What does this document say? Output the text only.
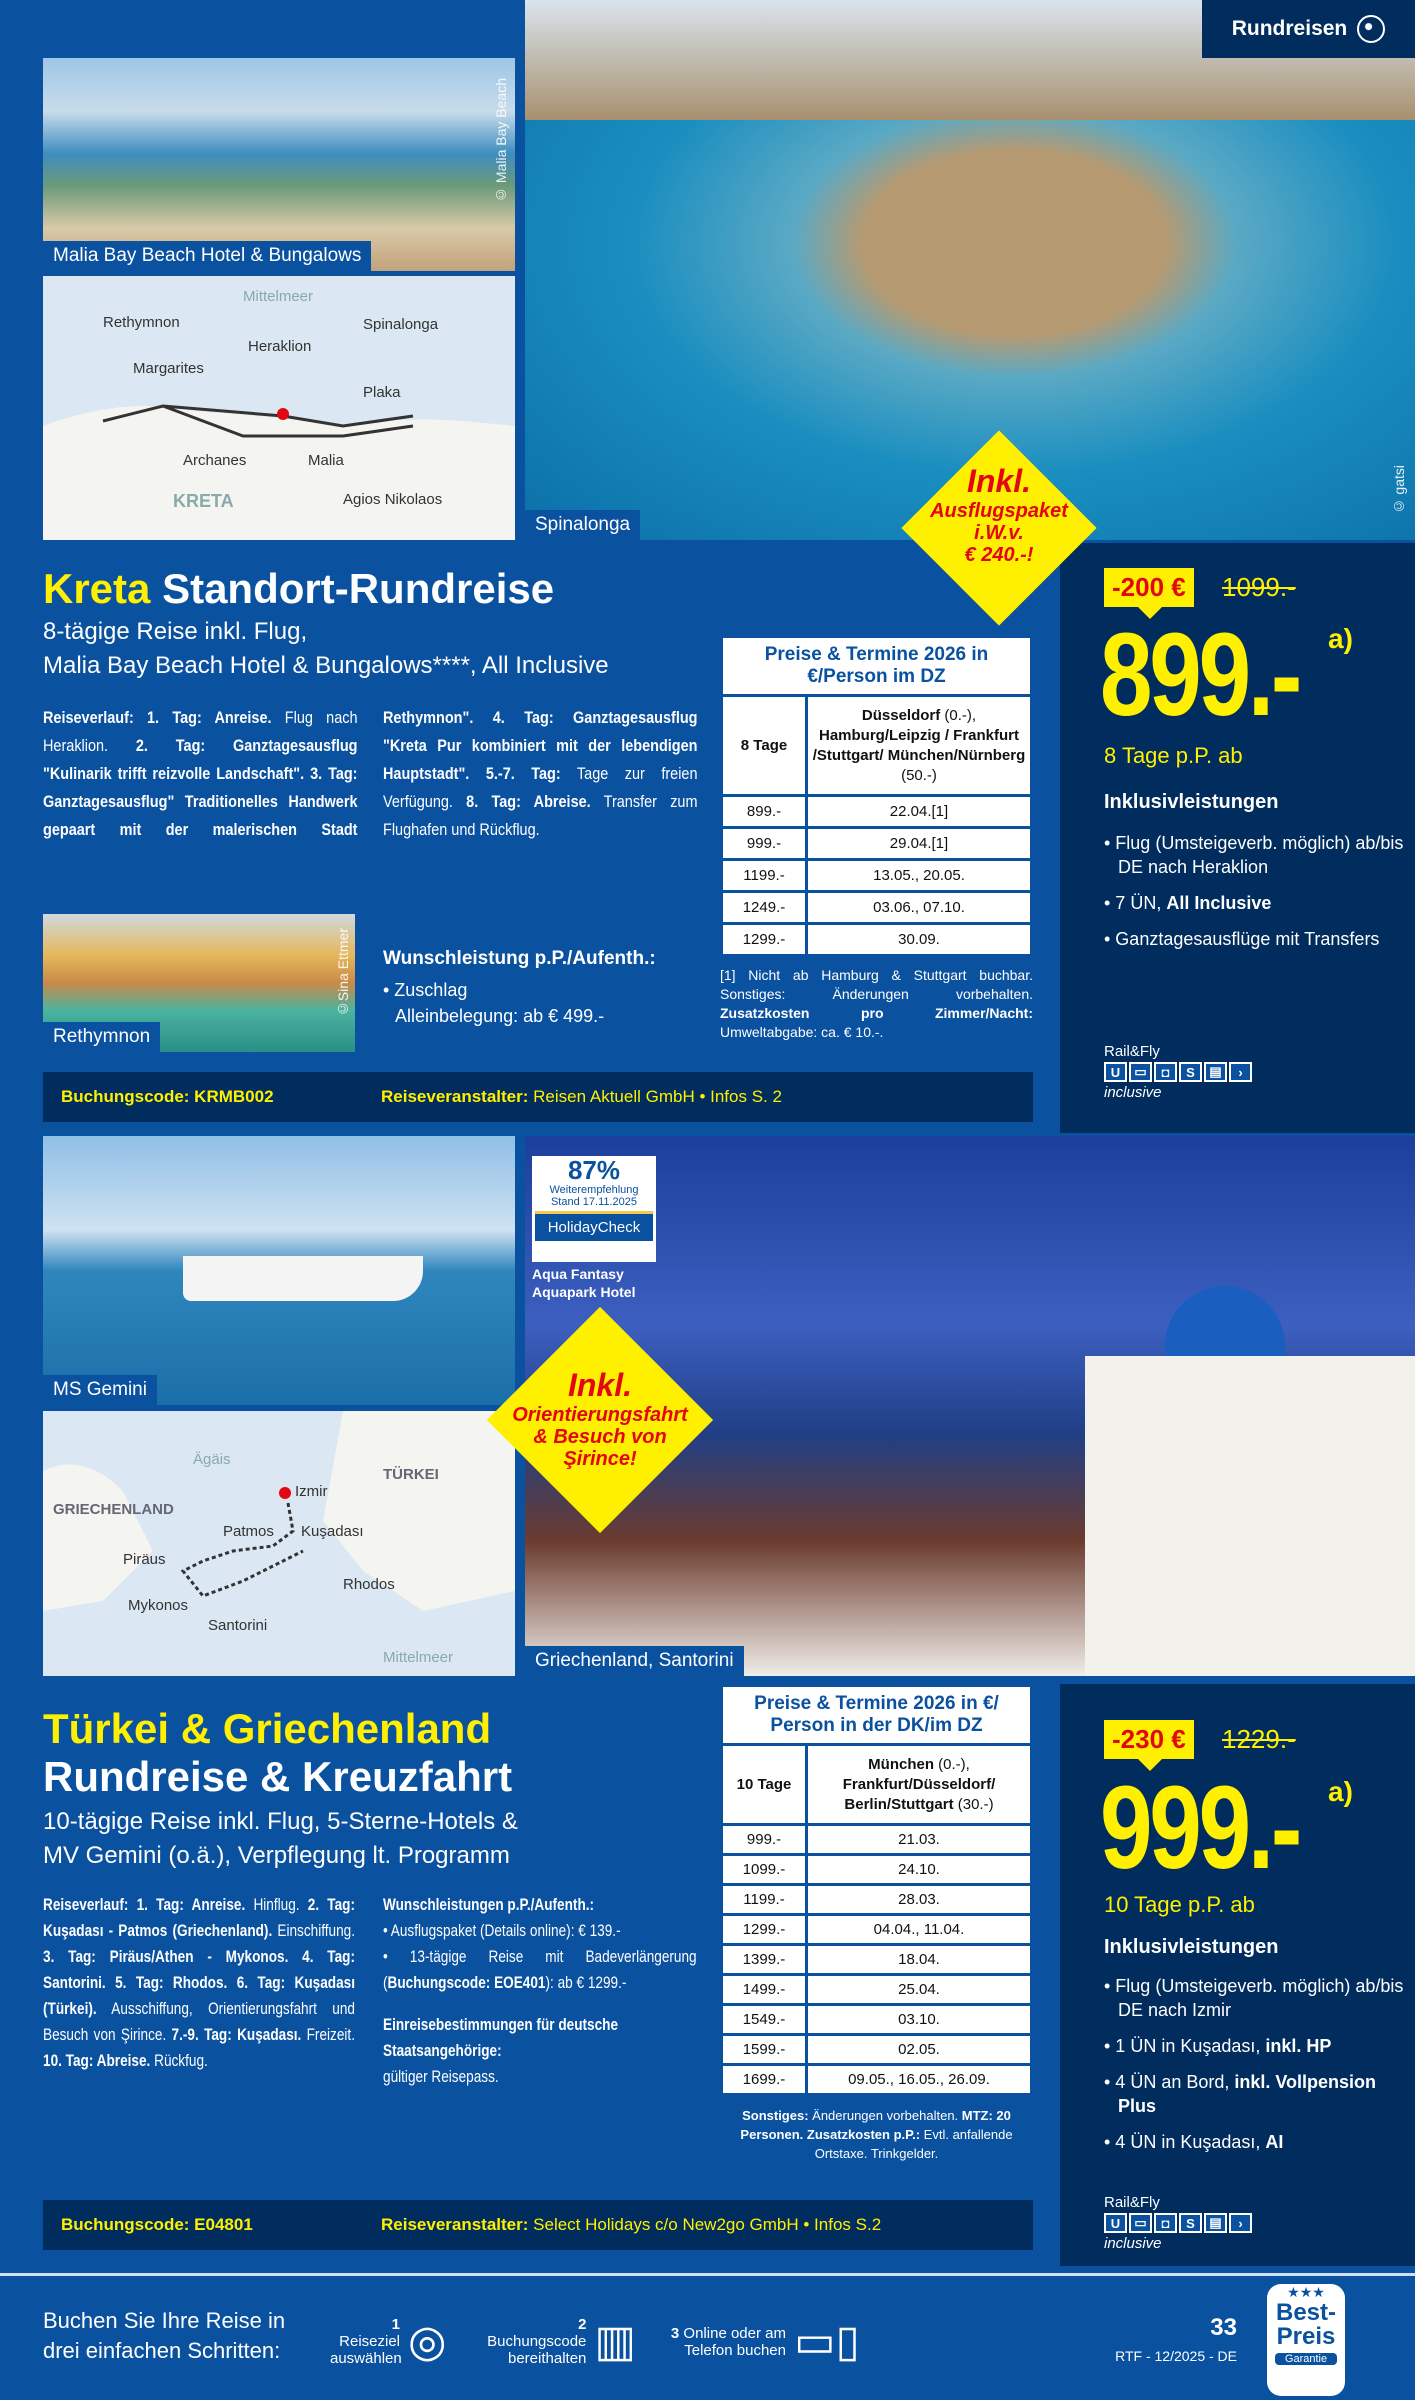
Malia Bay Beach Hotel & Bungalows
© Malia Bay Beach
Mittelmeer
KRETA
Rethymnon
Margarites
Heraklion
Spinalonga
Plaka
Archanes	Malia
Agios Nikolaos
Spinalonga
© gatsi
Rundreisen
Inkl.
Ausflugspaket
i.W.v.
€ 240.-!
Kreta Standort-Rundreise
8-tägige Reise inkl. Flug,
Malia Bay Beach Hotel & Bungalows****, All Inclusive
Reiseverlauf: 1. Tag: Anreise. Flug nach Heraklion. 2. Tag: Ganztagesausflug "Kulinarik trifft reizvolle Landschaft". 3. Tag: Ganztagesausflug" Traditionelles Handwerk gepaart mit der malerischen Stadt Rethymnon". 4. Tag: Ganztagesausflug "Kreta Pur kombiniert mit der lebendigen Hauptstadt". 5.-7. Tag: Tage zur freien Verfügung. 8. Tag: Abreise. Transfer zum Flughafen und Rückflug.
Rethymnon
©Sina Ettmer Wunschleistung p.P./Aufenth.:
• Zuschlag
Alleinbelegung: ab € 499.-
Preise & Termine 2026 in €/Person im DZ	
8 Tage	Düsseldorf (0.-), Hamburg/Leipzig / Frankfurt /Stuttgart/ München/Nürnberg (50.-)
899.-	22.04.[1]
999.-	29.04.[1]
1199.-	13.05., 20.05.
1249.-	03.06., 07.10.
1299.-	30.09.
[1] Nicht ab Hamburg & Stuttgart buchbar. Sonstiges: Änderungen vorbehalten. Zusatzkosten pro Zimmer/Nacht: Umweltabgabe: ca. € 10.-.
Buchungscode: KRMB002	Reiseveranstalter:
Reisen Aktuell GmbH • Infos S. 2
-200 €	1099.-
899.- a)
8 Tage p.P. ab
Inklusivleistungen
• Flug (Umsteigeverb. möglich) ab/bis DE nach Heraklion
• 7 ÜN, All Inclusive
• Ganztagesausflüge mit Transfers
Rail&Fly
U	▭	◘	S	▤	›
inclusive
MS Gemini
Ägäis
Mittelmeer
GRIECHENLAND
TÜRKEI
Izmir
Patmos Kuşadası
Piräus
Mykonos
Santorini
Rhodos
Griechenland, Santorini
87%
Weiterempfehlung
Stand 17.11.2025
HolidayCheck
Aqua Fantasy
Aquapark Hotel
Inkl.
Orientierungsfahrt
& Besuch von
Şirince!
Türkei & Griechenland
Rundreise & Kreuzfahrt
10-tägige Reise inkl. Flug, 5-Sterne-Hotels &
MV Gemini (o.ä.), Verpflegung lt. Programm
Reiseverlauf: 1. Tag: Anreise. Hinflug. 2. Tag: Kuşadası - Patmos (Griechenland). Einschiffung. 3. Tag: Piräus/Athen - Mykonos. 4. Tag: Santorini. 5. Tag: Rhodos. 6. Tag: Kuşadası (Türkei). Ausschiffung, Orientierungsfahrt und Besuch von Şirince. 7.-9. Tag: Kuşadası. Freizeit. 10. Tag: Abreise. Rückfug.
Wunschleistungen p.P./Aufenth.:
• Ausflugspaket (Details online): € 139.-
• 13-tägige Reise mit Badeverlängerung (Buchungscode: EOE401): ab € 1299.-
Einreisebestimmungen für deutsche Staatsangehörige:
gültiger Reisepass.
Preise & Termine 2026 in €/ Person in der DK/im DZ	
10 Tage	München (0.-), Frankfurt/Düsseldorf/ Berlin/Stuttgart (30.-)
999.-	21.03.
1099.-	24.10.
1199.-	28.03.
1299.-	04.04., 11.04.
1399.-	18.04.
1499.-	25.04.
1549.-	03.10.
1599.-	02.05.
1699.-	09.05., 16.05., 26.09.
Sonstiges: Änderungen vorbehalten. MTZ: 20 Personen. Zusatzkosten p.P.: Evtl. anfallende Ortstaxe. Trinkgelder.
Buchungscode: E04801	Reiseveranstalter:
Select Holidays c/o New2go GmbH • Infos S.2
-230 €	1229.-
999.- a)
10 Tage p.P. ab
Inklusivleistungen
• Flug (Umsteigeverb. möglich) ab/bis DE nach Izmir
• 1 ÜN in Kuşadası, inkl. HP
• 4 ÜN an Bord, inkl. Vollpension Plus
• 4 ÜN in Kuşadası, AI
Rail&Fly
U	▭	◘	S	▤	›
inclusive
Buchen Sie Ihre Reise in drei einfachen Schritten:
1 Reiseziel auswählen ◎	2 Buchungscode bereithalten ▥	3 Online oder am Telefon buchen ▭▯	33
RTF - 12/2025 - DE
★★★
Best-
Preis
Garantie
